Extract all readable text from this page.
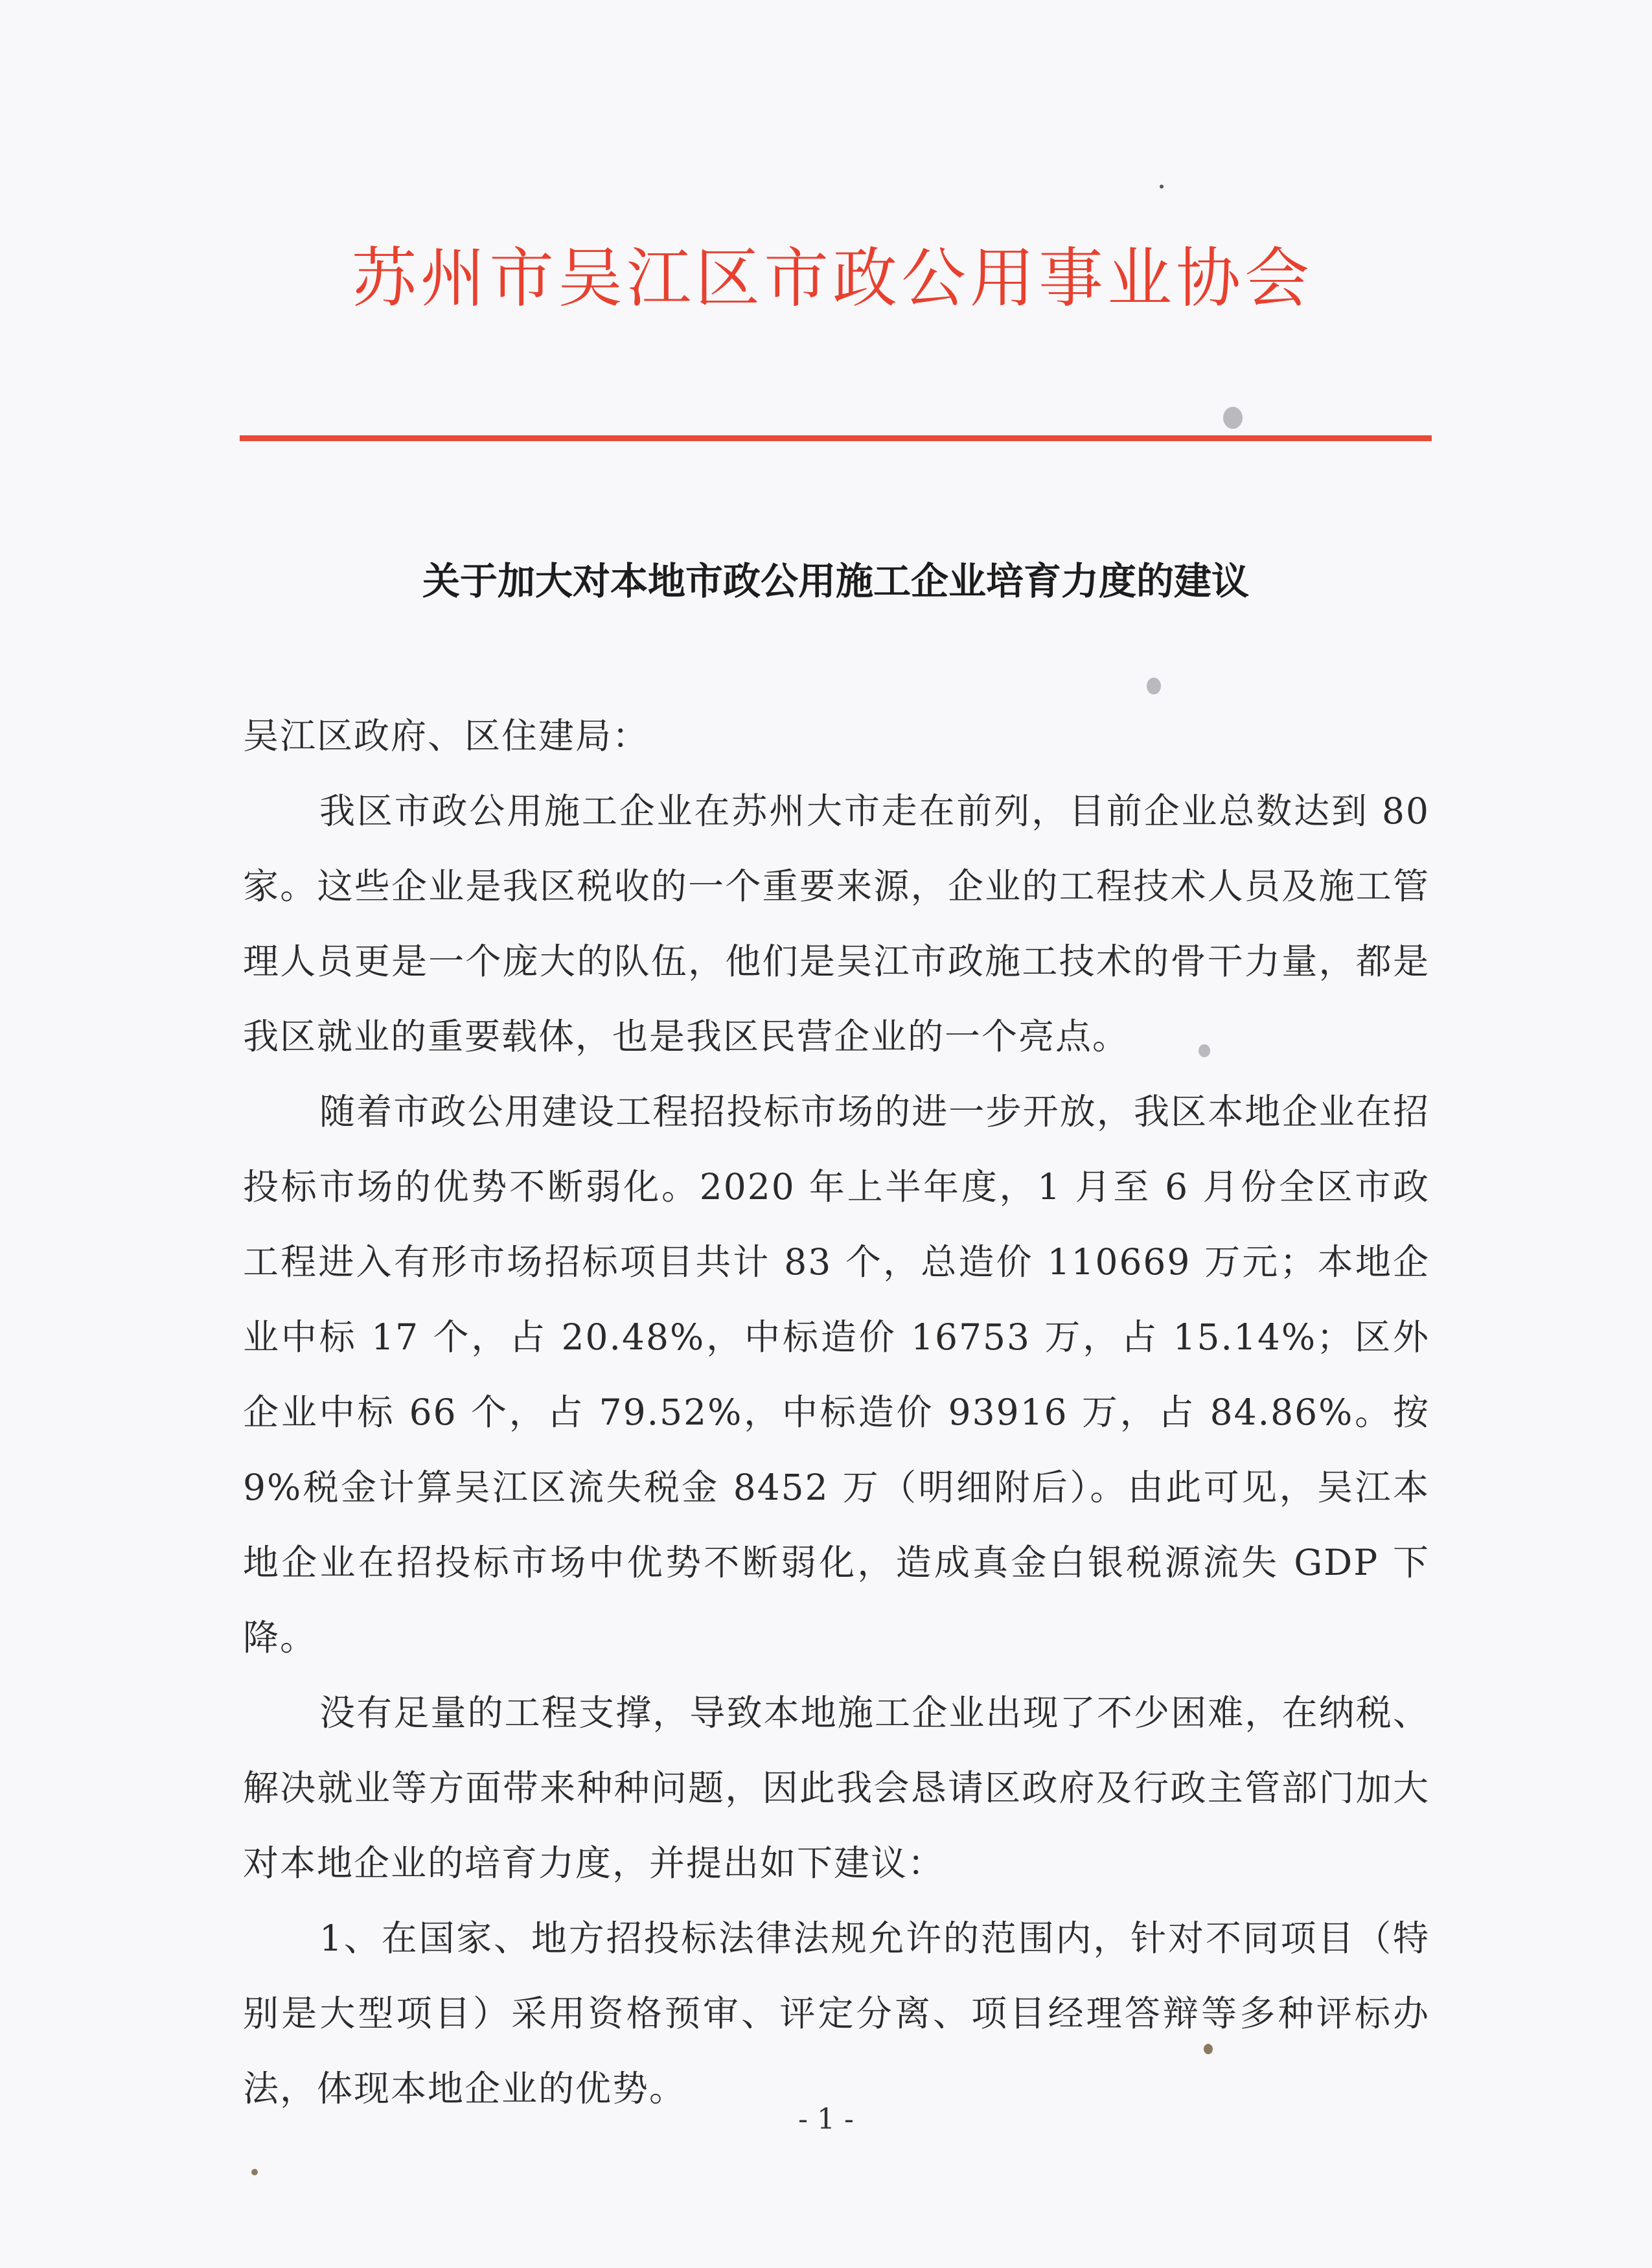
苏州市吴江区市政公用事业协会
关于加大对本地市政公用施工企业培育力度的建议

吴江区政府、区住建局：

我区市政公用施工企业在苏州大市走在前列，目前企业总数达到 80 家。这些企业是我区税收的一个重要来源，企业的工程技术人员及施工管理人员更是一个庞大的队伍，他们是吴江市政施工技术的骨干力量，都是我区就业的重要载体，也是我区民营企业的一个亮点。

随着市政公用建设工程招投标市场的进一步开放，我区本地企业在招投标市场的优势不断弱化。2020 年上半年度，1 月至 6 月份全区市政工程进入有形市场招标项目共计 83 个，总造价 110669 万元；本地企业中标 17 个，占 20.48%，中标造价 16753 万，占 15.14%；区外企业中标 66 个，占 79.52%，中标造价 93916 万，占 84.86%。按 9%税金计算吴江区流失税金 8452 万（明细附后）。由此可见，吴江本地企业在招投标市场中优势不断弱化，造成真金白银税源流失 GDP 下降。

没有足量的工程支撑，导致本地施工企业出现了不少困难，在纳税、解决就业等方面带来种种问题，因此我会恳请区政府及行政主管部门加大对本地企业的培育力度，并提出如下建议：

1、在国家、地方招投标法律法规允许的范围内，针对不同项目（特别是大型项目）采用资格预审、评定分离、项目经理答辩等多种评标办法，体现本地企业的优势。

- 1 -
